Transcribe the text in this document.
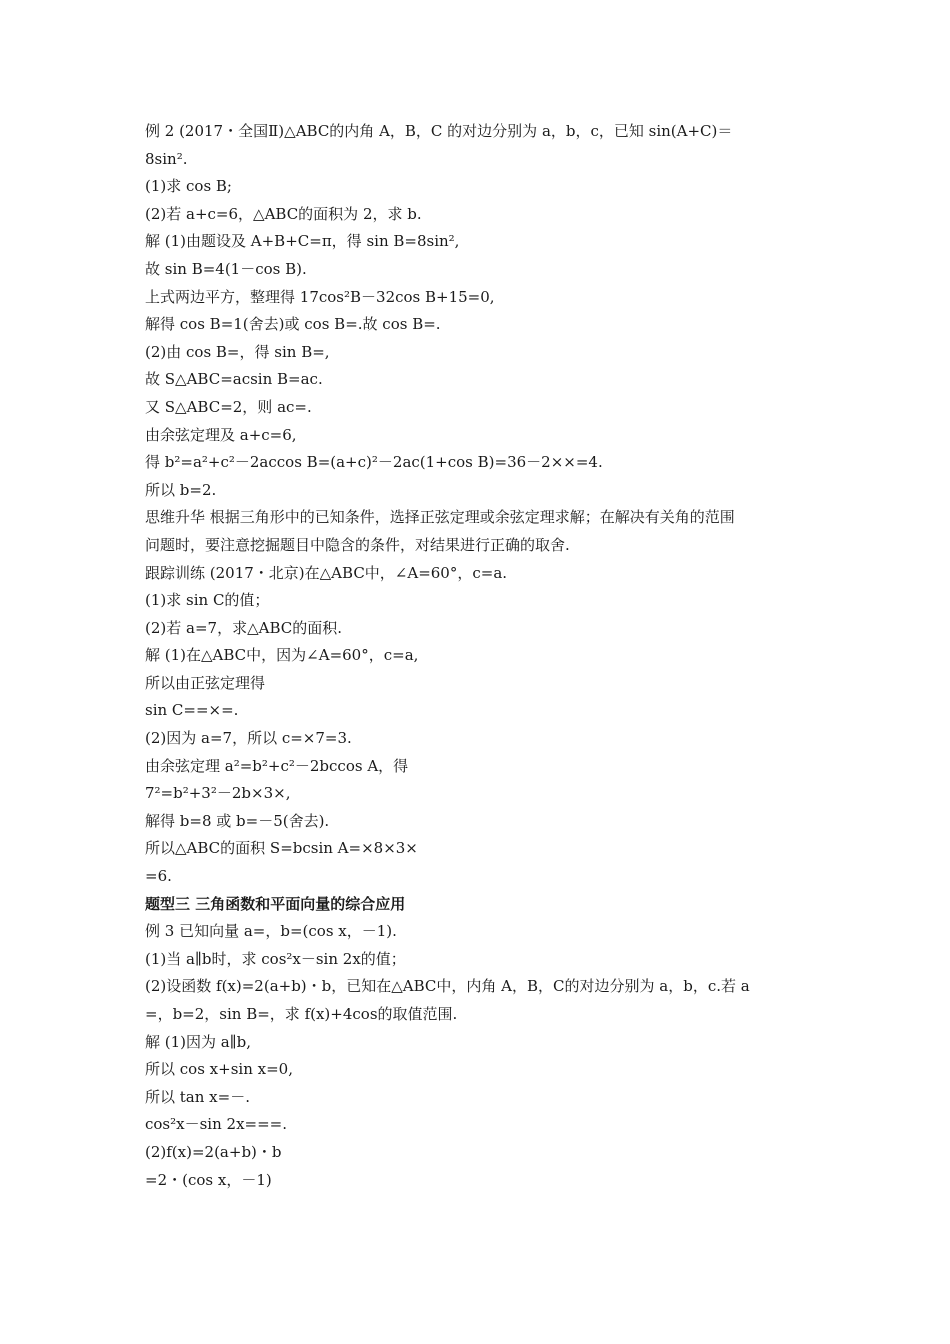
例 2 (2017・全国Ⅱ)△ABC的内角 A，B，C 的对边分别为 a，b，c，已知 sin(A+C)＝
8sin².
(1)求 cos B;
(2)若 a+c=6，△ABC的面积为 2，求 b.
解 (1)由题设及 A+B+C=π，得 sin B=8sin²,
故 sin B=4(1－cos B).
上式两边平方，整理得 17cos²B－32cos B+15=0,
解得 cos B=1(舍去)或 cos B=.故 cos B=.
(2)由 cos B=，得 sin B=,
故 S△ABC=acsin B=ac.
又 S△ABC=2，则 ac=.
由余弦定理及 a+c=6,
得 b²=a²+c²－2accos B=(a+c)²－2ac(1+cos B)=36－2××=4.
所以 b=2.
思维升华 根据三角形中的已知条件，选择正弦定理或余弦定理求解；在解决有关角的范围
问题时，要注意挖掘题目中隐含的条件，对结果进行正确的取舍.
跟踪训练 (2017・北京)在△ABC中，∠A=60°，c=a.
(1)求 sin C的值；
(2)若 a=7，求△ABC的面积.
解 (1)在△ABC中，因为∠A=60°，c=a,
所以由正弦定理得
sin C==×=.
(2)因为 a=7，所以 c=×7=3.
由余弦定理 a²=b²+c²－2bccos A，得
7²=b²+3²－2b×3×,
解得 b=8 或 b=－5(舍去).
所以△ABC的面积 S=bcsin A=×8×3×
=6.
题型三 三角函数和平面向量的综合应用
例 3 已知向量 a=，b=(cos x，－1).
(1)当 a∥b时，求 cos²x－sin 2x的值；
(2)设函数 f(x)=2(a+b)・b，已知在△ABC中，内角 A，B，C的对边分别为 a，b，c.若 a
=，b=2，sin B=，求 f(x)+4cos的取值范围.
解 (1)因为 a∥b,
所以 cos x+sin x=0,
所以 tan x=－.
cos²x－sin 2x===.
(2)f(x)=2(a+b)・b
=2・(cos x，－1)
